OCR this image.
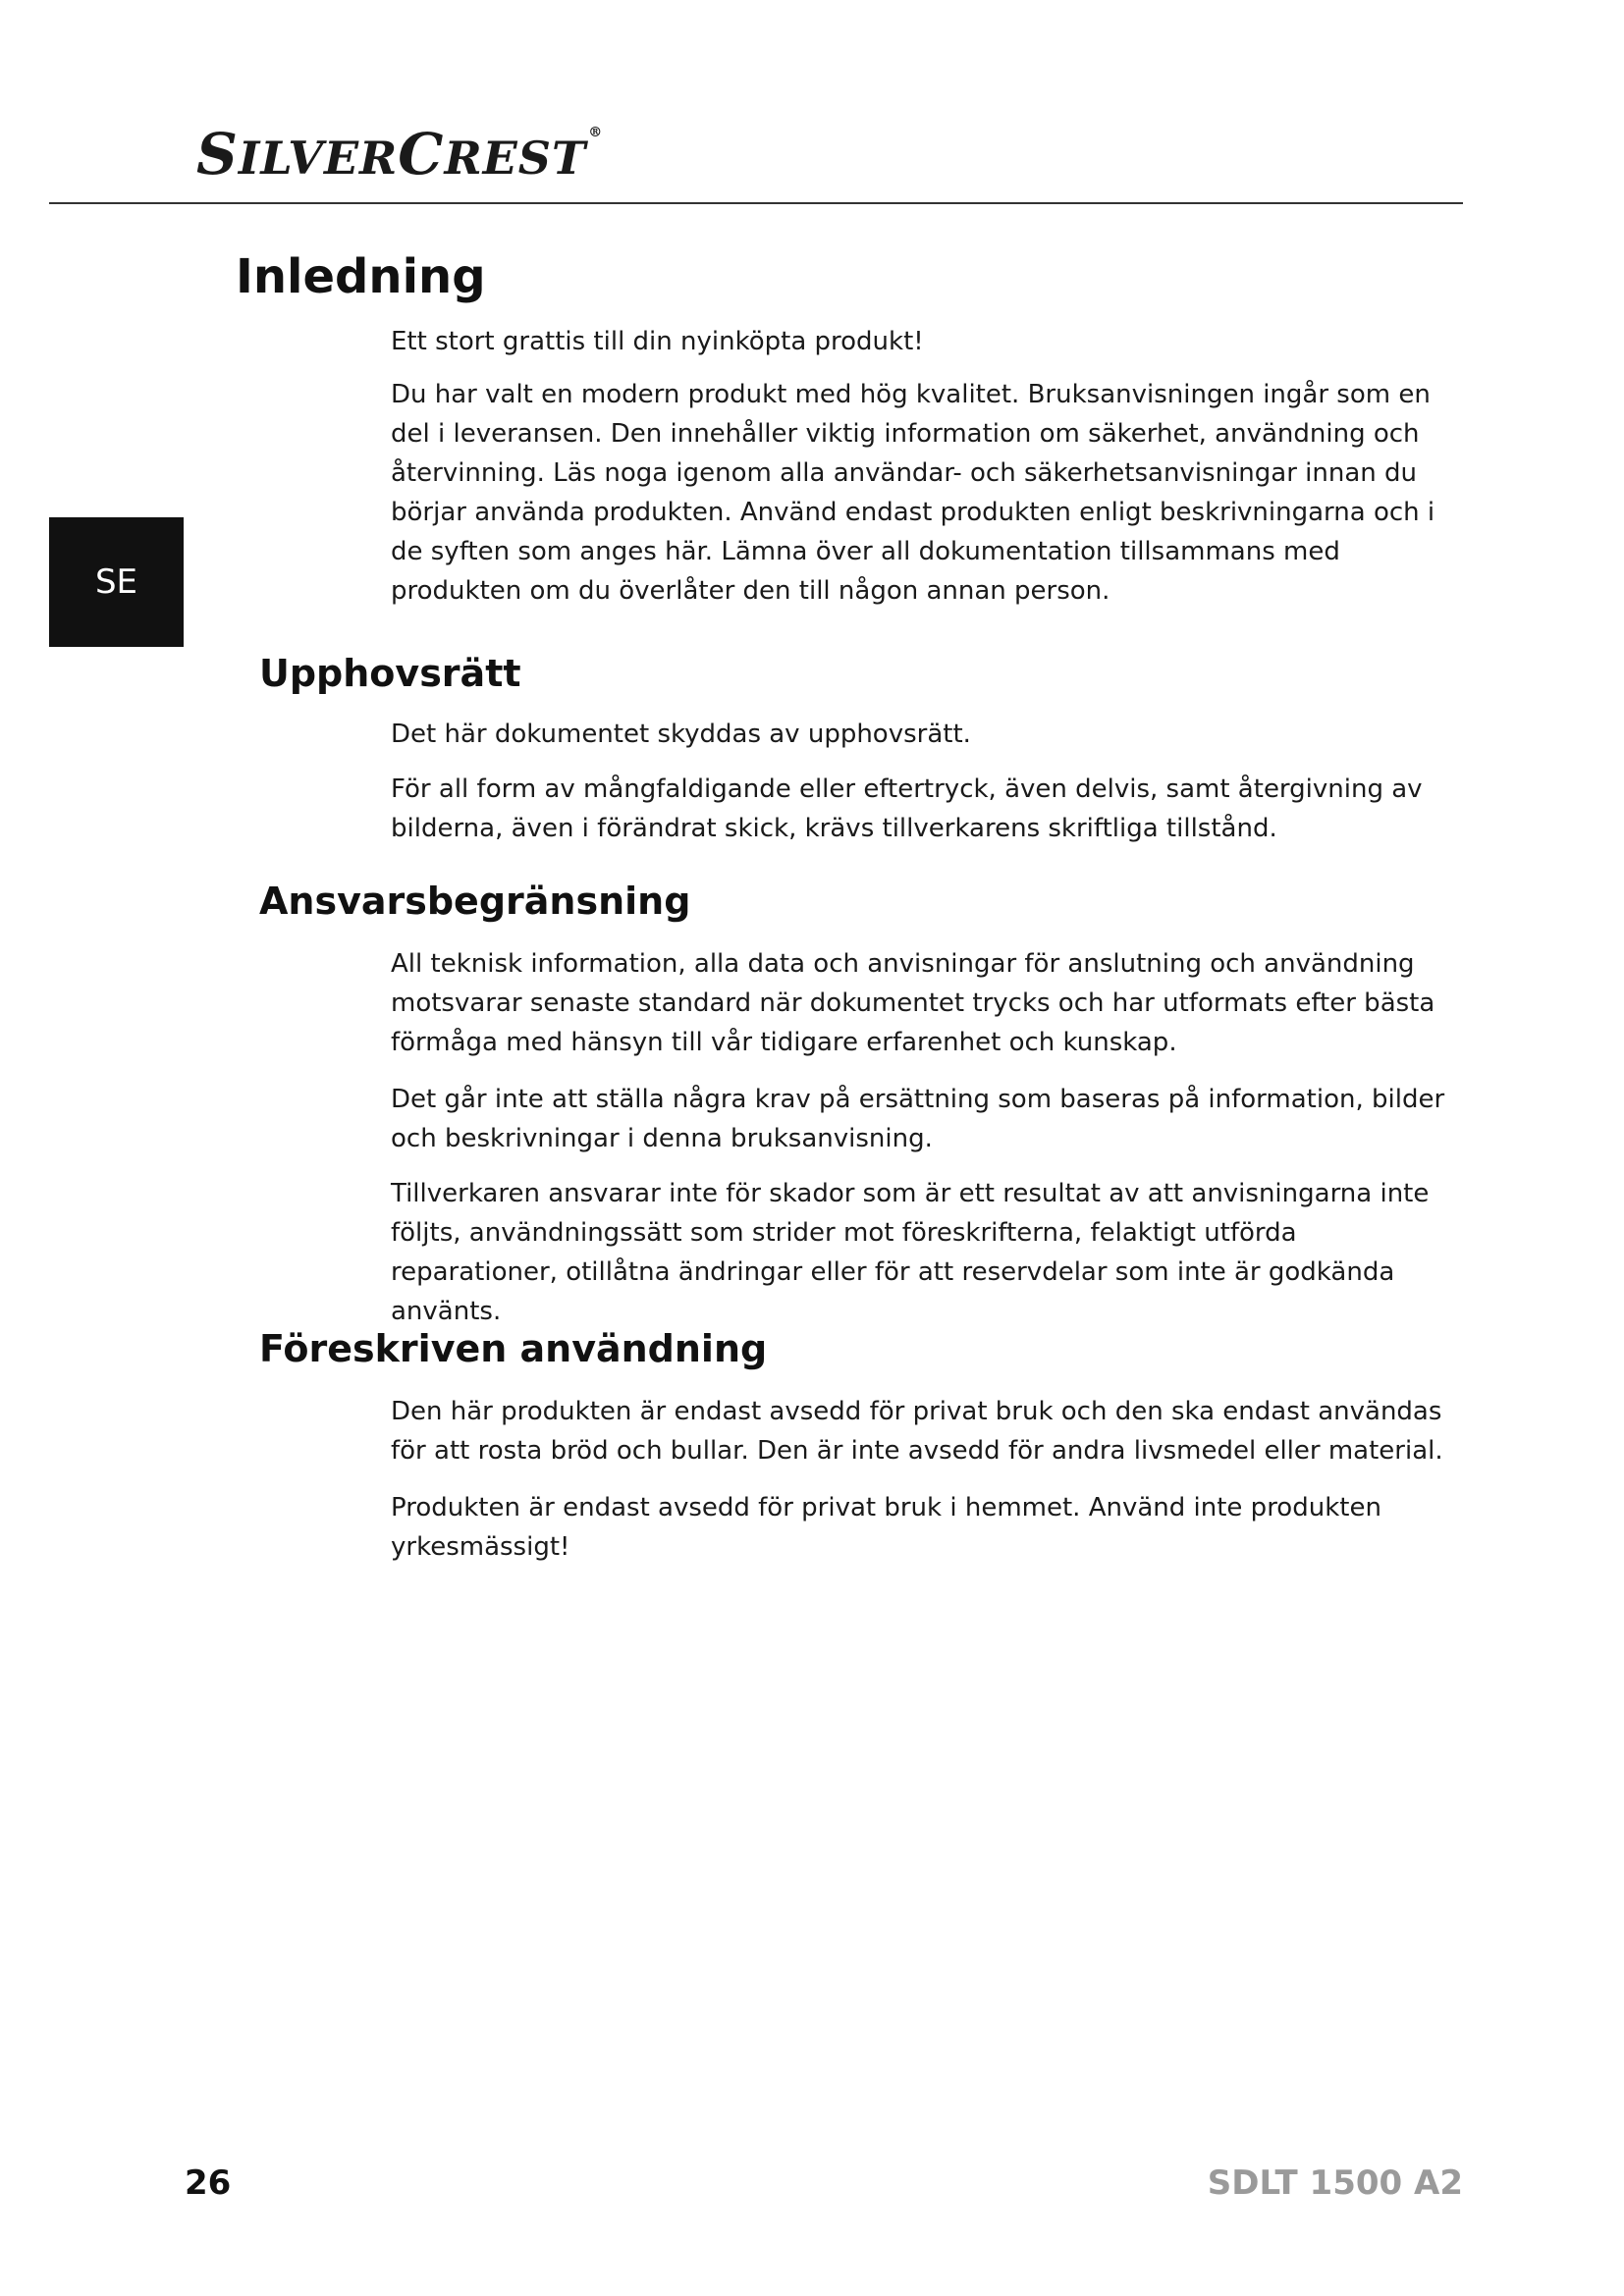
SILVERCREST ®
SE
Inledning

Ett stort grattis till din nyinköpta produkt!

Du har valt en modern produkt med hög kvalitet. Bruksanvisningen ingår som en del i leveransen. Den innehåller viktig information om säkerhet, användning och återvinning. Läs noga igenom alla användar- och säkerhetsanvisningar innan du börjar använda produkten. Använd endast produkten enligt beskrivningarna och i de syften som anges här. Lämna över all dokumentation tillsammans med produkten om du överlåter den till någon annan person.

Upphovsrätt

Det här dokumentet skyddas av upphovsrätt.

För all form av mångfaldigande eller eftertryck, även delvis, samt återgivning av bilderna, även i förändrat skick, krävs tillverkarens skriftliga tillstånd.

Ansvarsbegränsning

All teknisk information, alla data och anvisningar för anslutning och användning motsvarar senaste standard när dokumentet trycks och har utformats efter bästa förmåga med hänsyn till vår tidigare erfarenhet och kunskap.

Det går inte att ställa några krav på ersättning som baseras på information, bilder och beskrivningar i denna bruksanvisning.

Tillverkaren ansvarar inte för skador som är ett resultat av att anvisningarna inte följts, användningssätt som strider mot föreskrifterna, felaktigt utförda reparationer, otillåtna ändringar eller för att reservdelar som inte är godkända använts.

Föreskriven användning

Den här produkten är endast avsedd för privat bruk och den ska endast användas för att rosta bröd och bullar. Den är inte avsedd för andra livsmedel eller material.

Produkten är endast avsedd för privat bruk i hemmet. Använd inte produkten yrkesmässigt!

26	SDLT 1500 A2
